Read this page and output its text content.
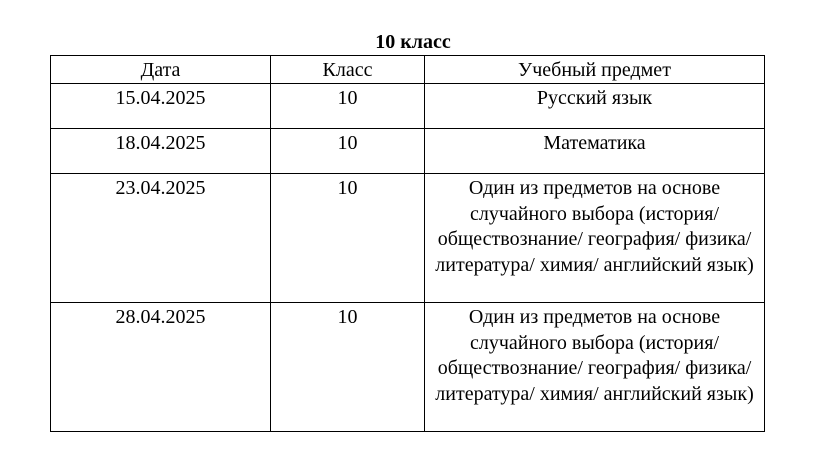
10 класс
Дата	Класс	Учебный предмет
15.04.2025	10	Русский язык
18.04.2025	10	Математика
23.04.2025	10	Один из предметов на основе случайного выбора (история/ обществознание/ география/ физика/ литература/ химия/ английский язык)
28.04.2025	10	Один из предметов на основе случайного выбора (история/ обществознание/ география/ физика/ литература/ химия/ английский язык)
